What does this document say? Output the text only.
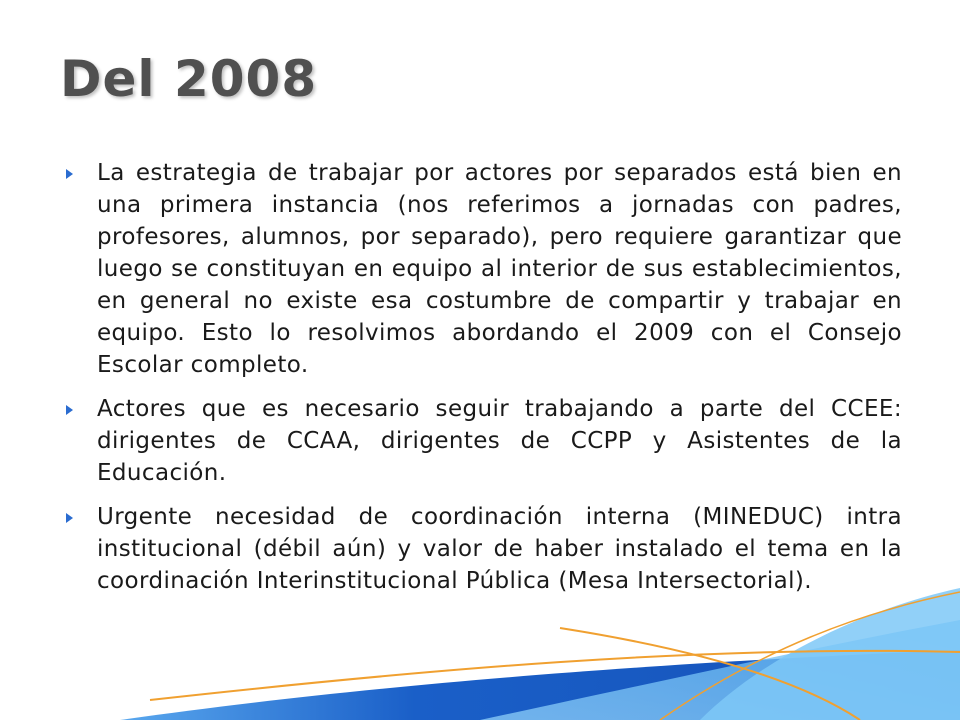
Del 2008
La estrategia de trabajar por actores por separados está bien en una primera instancia (nos referimos a jornadas con padres, profesores, alumnos, por separado), pero requiere garantizar que luego se constituyan en equipo al interior de sus establecimientos, en general no existe esa costumbre de compartir y trabajar en equipo. Esto lo resolvimos abordando el 2009 con el Consejo Escolar completo.
Actores que es necesario seguir trabajando a parte del CCEE: dirigentes de CCAA, dirigentes de CCPP y Asistentes de la Educación.
Urgente necesidad de coordinación interna (MINEDUC) intra institucional (débil aún) y valor de haber instalado el tema en la coordinación Interinstitucional Pública (Mesa Intersectorial).
